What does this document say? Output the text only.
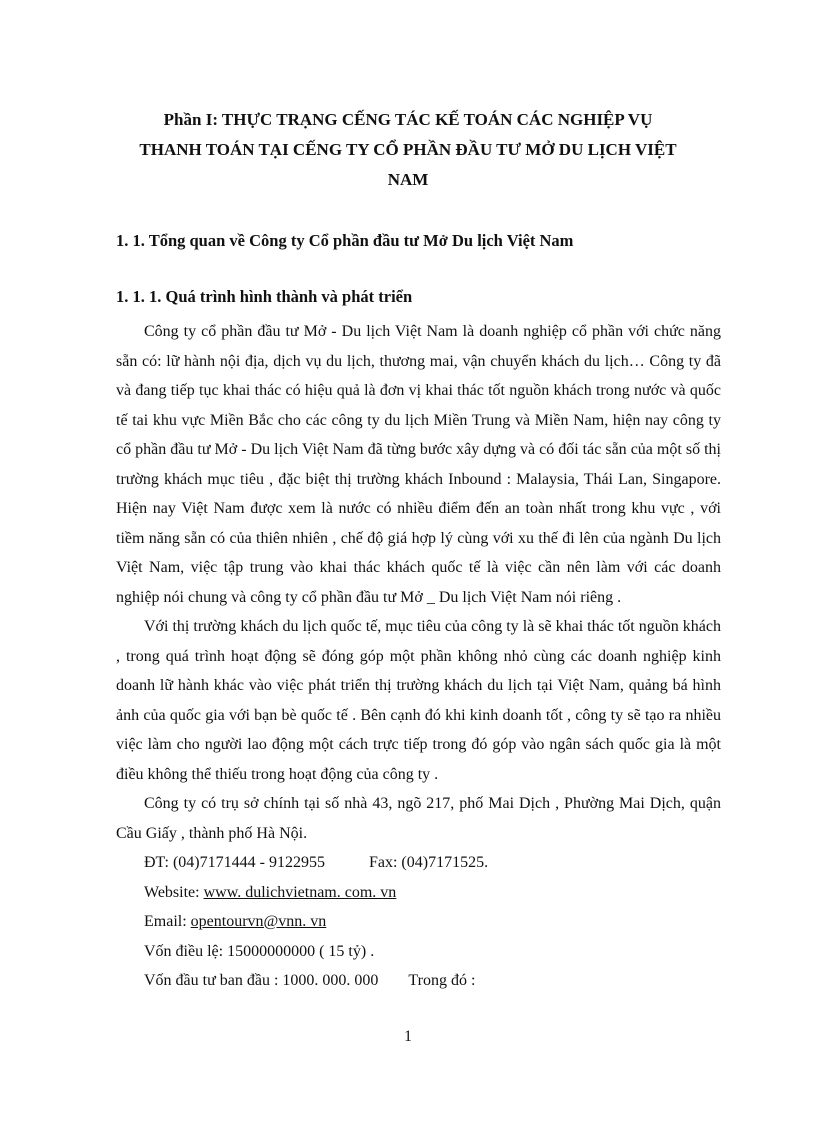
Phần I: THỰC TRẠNG CẾNG TÁC KẾ TOÁN CÁC NGHIỆP VỤ
THANH TOÁN TẠI CẾNG TY CỔ PHẦN ĐẦU TƯ MỞ DU LỊCH VIỆT
NAM
1. 1. Tổng quan về Công ty Cổ phần đầu tư Mở Du lịch Việt Nam
1. 1. 1. Quá trình hình thành và phát triển

Công ty cổ phần đầu tư Mở - Du lịch Việt Nam là doanh nghiệp cổ phần với chức năng sẵn có: lữ hành nội địa, dịch vụ du lịch, thương mai, vận chuyển khách du lịch… Công ty đã và đang tiếp tục khai thác có hiệu quả là đơn vị khai thác tốt nguồn khách trong nước và quốc tế tai khu vực Miền Bắc cho các công ty du lịch Miền Trung và Miền Nam, hiện nay công ty cổ phần đầu tư Mở - Du lịch Việt Nam đã từng bước xây dựng và có đối tác sẵn của một số thị trường khách mục tiêu , đặc biệt thị trường khách Inbound : Malaysia, Thái Lan, Singapore. Hiện nay Việt Nam được xem là nước có nhiều điểm đến an toàn nhất trong khu vực , với tiềm năng sẵn có của thiên nhiên , chế độ giá hợp lý cùng với xu thế đi lên của ngành Du lịch Việt Nam, việc tập trung vào khai thác khách quốc tế là việc cần nên làm với các doanh nghiệp nói chung và công ty cổ phần đầu tư Mở _ Du lịch Việt Nam nói riêng .

Với thị trường khách du lịch quốc tế, mục tiêu của công ty là sẽ khai thác tốt nguồn khách , trong quá trình hoạt động sẽ đóng góp một phần không nhỏ cùng các doanh nghiệp kinh doanh lữ hành khác vào việc phát triển thị trường khách du lịch tại Việt Nam, quảng bá hình ảnh của quốc gia với bạn bè quốc tế . Bên cạnh đó khi kinh doanh tốt , công ty sẽ tạo ra nhiều việc làm cho người lao động một cách trực tiếp trong đó góp vào ngân sách quốc gia là một điều không thể thiếu trong hoạt động của công ty .

Công ty có trụ sở chính tại số nhà 43, ngõ 217, phố Mai Dịch , Phường Mai Dịch, quận Cầu Giấy , thành phố Hà Nội.

ĐT: (04)7171444 - 9122955	Fax: (04)7171525.

Website: www. dulichvietnam. com. vn

Email: opentourvn@vnn. vn

Vốn điều lệ: 15000000000 ( 15 tỷ) .

Vốn đầu tư ban đầu : 1000. 000. 000 Trong đó :

1
